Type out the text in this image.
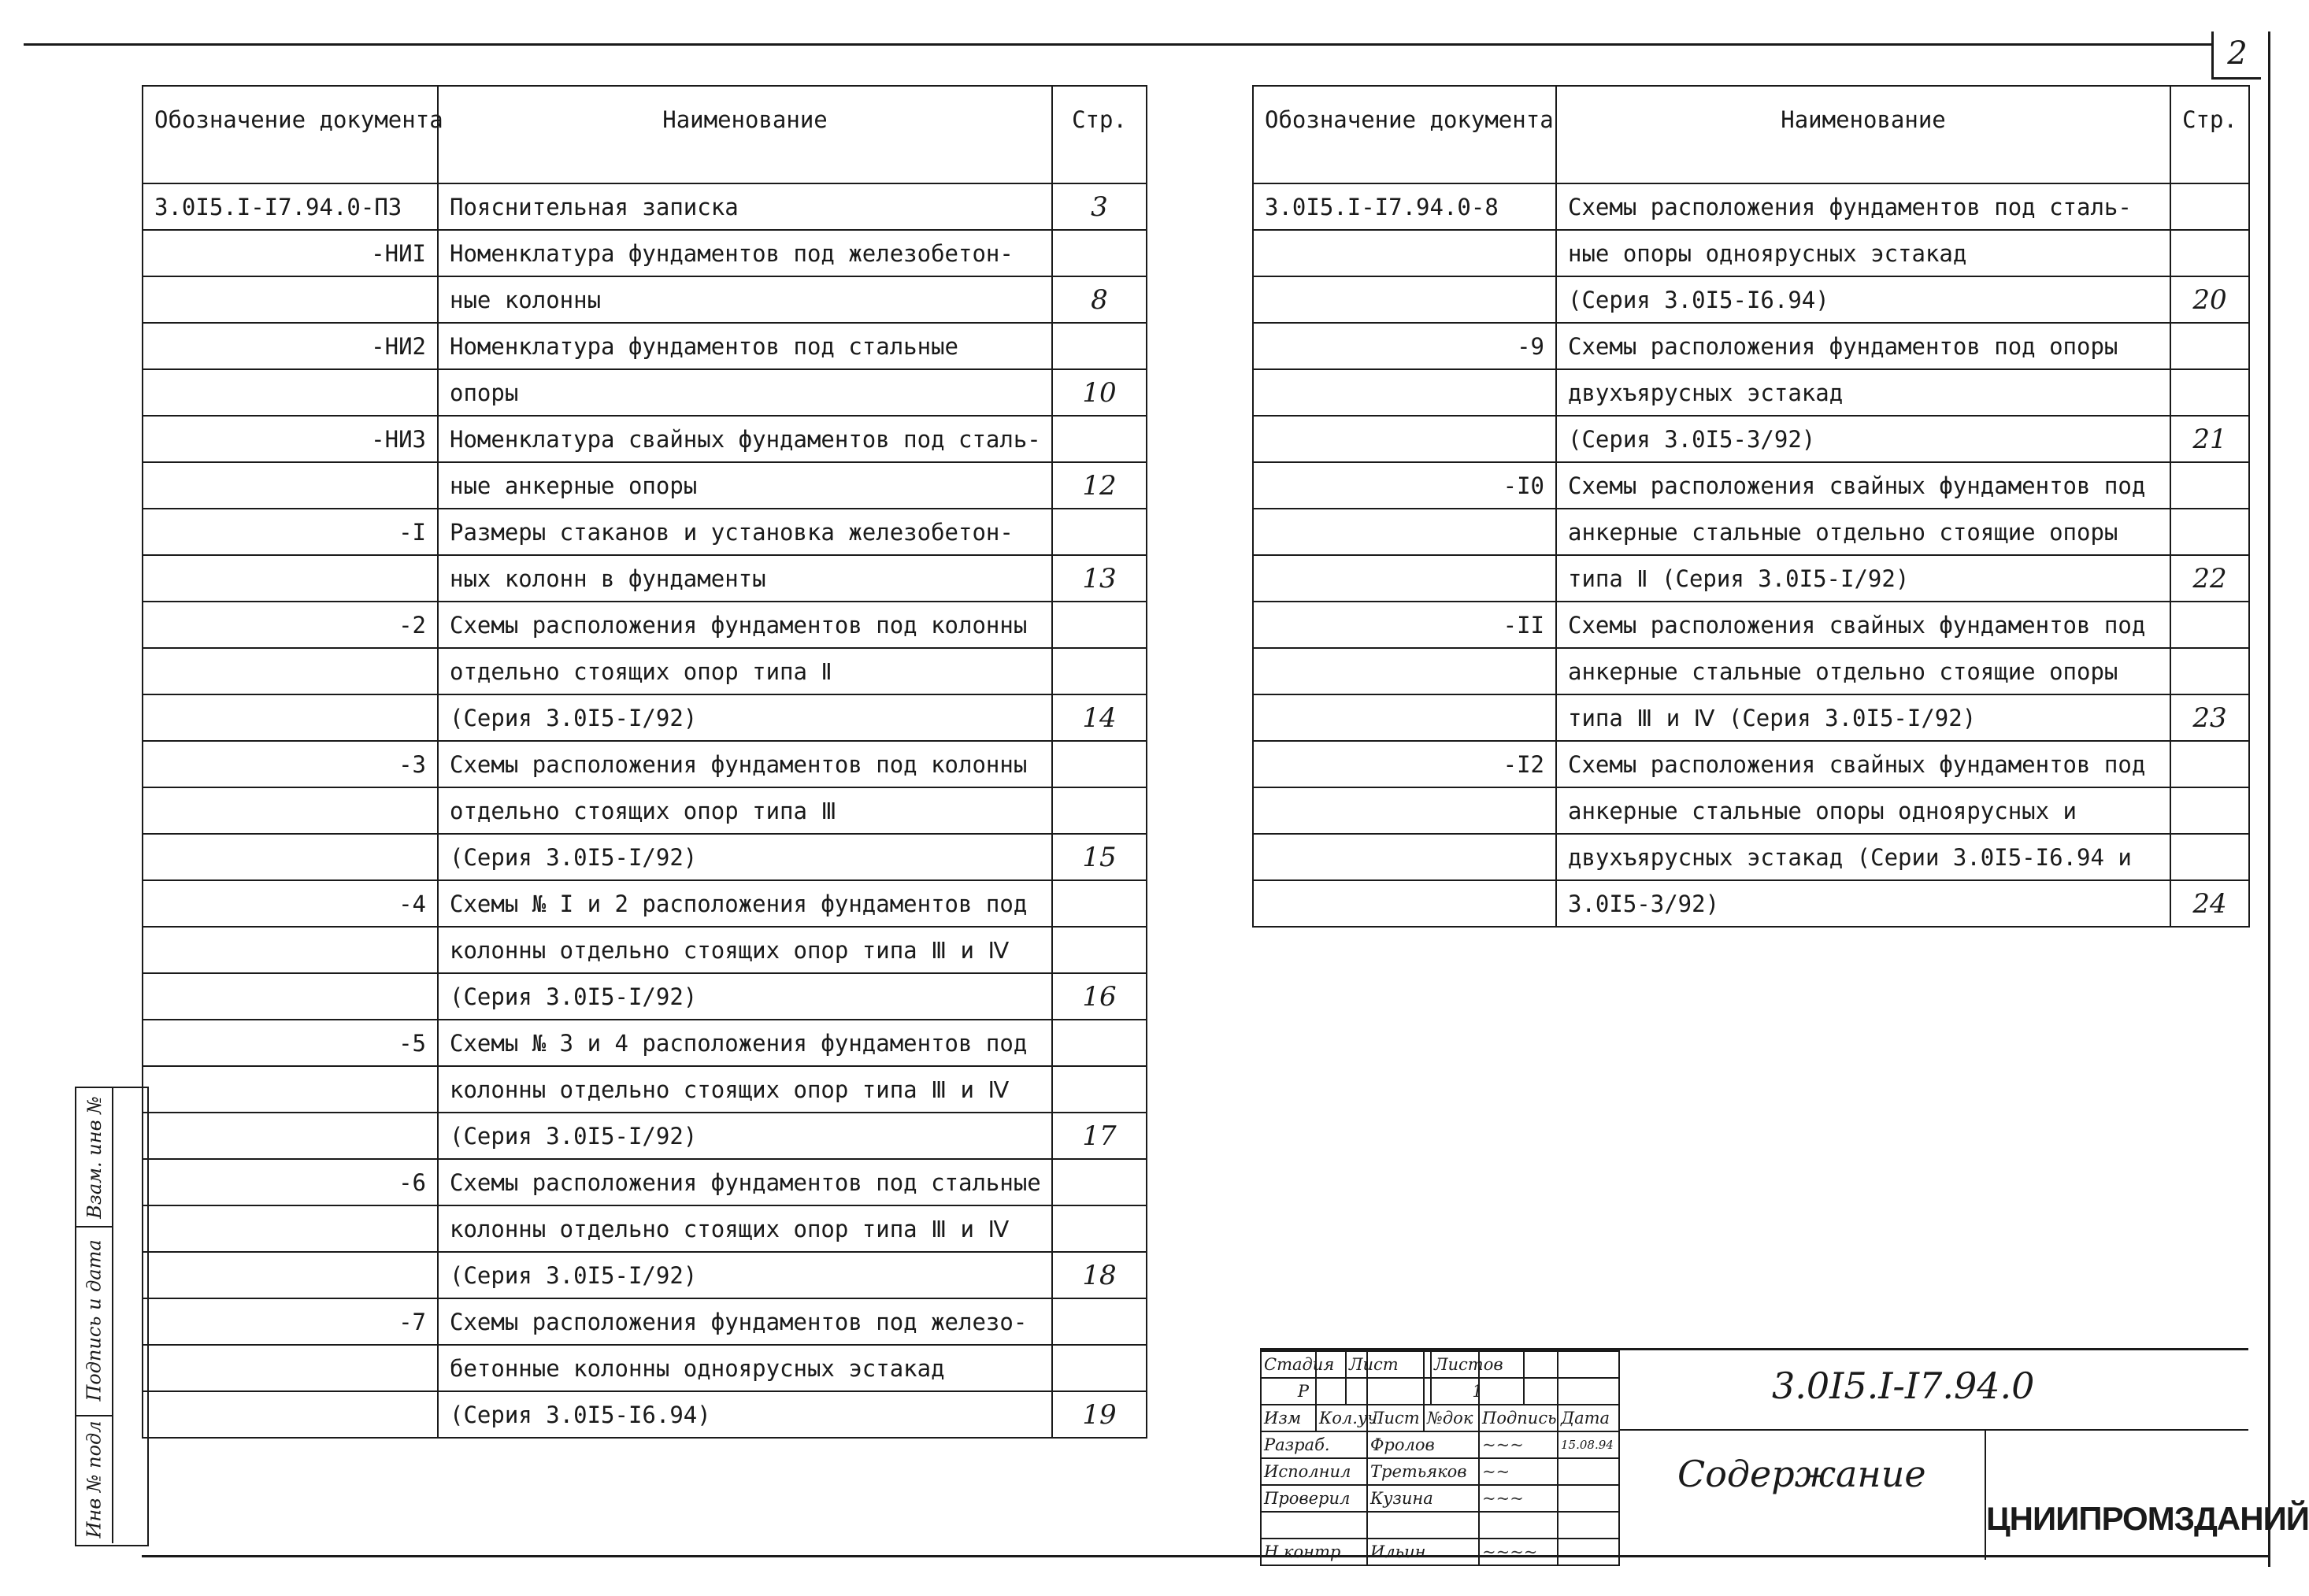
2
Обозначение документа	Наименование	Стр.
3.0I5.I-I7.94.0-ПЗ	Пояснительная записка	3
-НИI	Номенклатура фундаментов под железобетон-	
	ные колонны	8
-НИ2	Номенклатура фундаментов под стальные	
	опоры	10
-НИЗ	Номенклатура свайных фундаментов под сталь-	
	ные анкерные опоры	12
-I	Размеры стаканов и установка железобетон-	
	ных колонн в фундаменты	13
-2	Схемы расположения фундаментов под колонны	
	отдельно стоящих опор типа Ⅱ	
	(Серия 3.0I5-I/92)	14
-3	Схемы расположения фундаментов под колонны	
	отдельно стоящих опор типа Ⅲ	
	(Серия 3.0I5-I/92)	15
-4	Схемы № I и 2 расположения фундаментов под	
	колонны отдельно стоящих опор типа Ⅲ и Ⅳ	
	(Серия 3.0I5-I/92)	16
-5	Схемы № 3 и 4 расположения фундаментов под	
	колонны отдельно стоящих опор типа Ⅲ и Ⅳ	
	(Серия 3.0I5-I/92)	17
-6	Схемы расположения фундаментов под стальные	
	колонны отдельно стоящих опор типа Ⅲ и Ⅳ	
	(Серия 3.0I5-I/92)	18
-7	Схемы расположения фундаментов под железо-	
	бетонные колонны одноярусных эстакад	
	(Серия 3.0I5-I6.94)	19
Обозначение документа	Наименование	Стр.
3.0I5.I-I7.94.0-8	Схемы расположения фундаментов под сталь-	
	ные опоры одноярусных эстакад	
	(Серия 3.0I5-I6.94)	20
-9	Схемы расположения фундаментов под опоры	
	двухъярусных эстакад	
	(Серия 3.0I5-3/92)	21
-I0	Схемы расположения свайных фундаментов под	
	анкерные стальные отдельно стоящие опоры	
	типа Ⅱ (Серия 3.0I5-I/92)	22
-II	Схемы расположения свайных фундаментов под	
	анкерные стальные отдельно стоящие опоры	
	типа Ⅲ и Ⅳ (Серия 3.0I5-I/92)	23
-I2	Схемы расположения свайных фундаментов под	
	анкерные стальные опоры одноярусных и	
	двухъярусных эстакад (Серии 3.0I5-I6.94 и	
	3.0I5-3/92)	24
Взам. инв №
Подпись и дата
Инв № подл

Изм	Кол.уч	Лист	№док	Подпись	Дата
Разраб.		Фролов		~~~	15.08.94
Исполнил		Третьяков		~~	
Проверил		Кузина		~~~	

Н контр		Ильин		~~~~	
3.0I5.I-I7.94.0
Содержание
Стадия	Лист	Листов
Р		1
ЦНИИПРОМЗДАНИЙ
